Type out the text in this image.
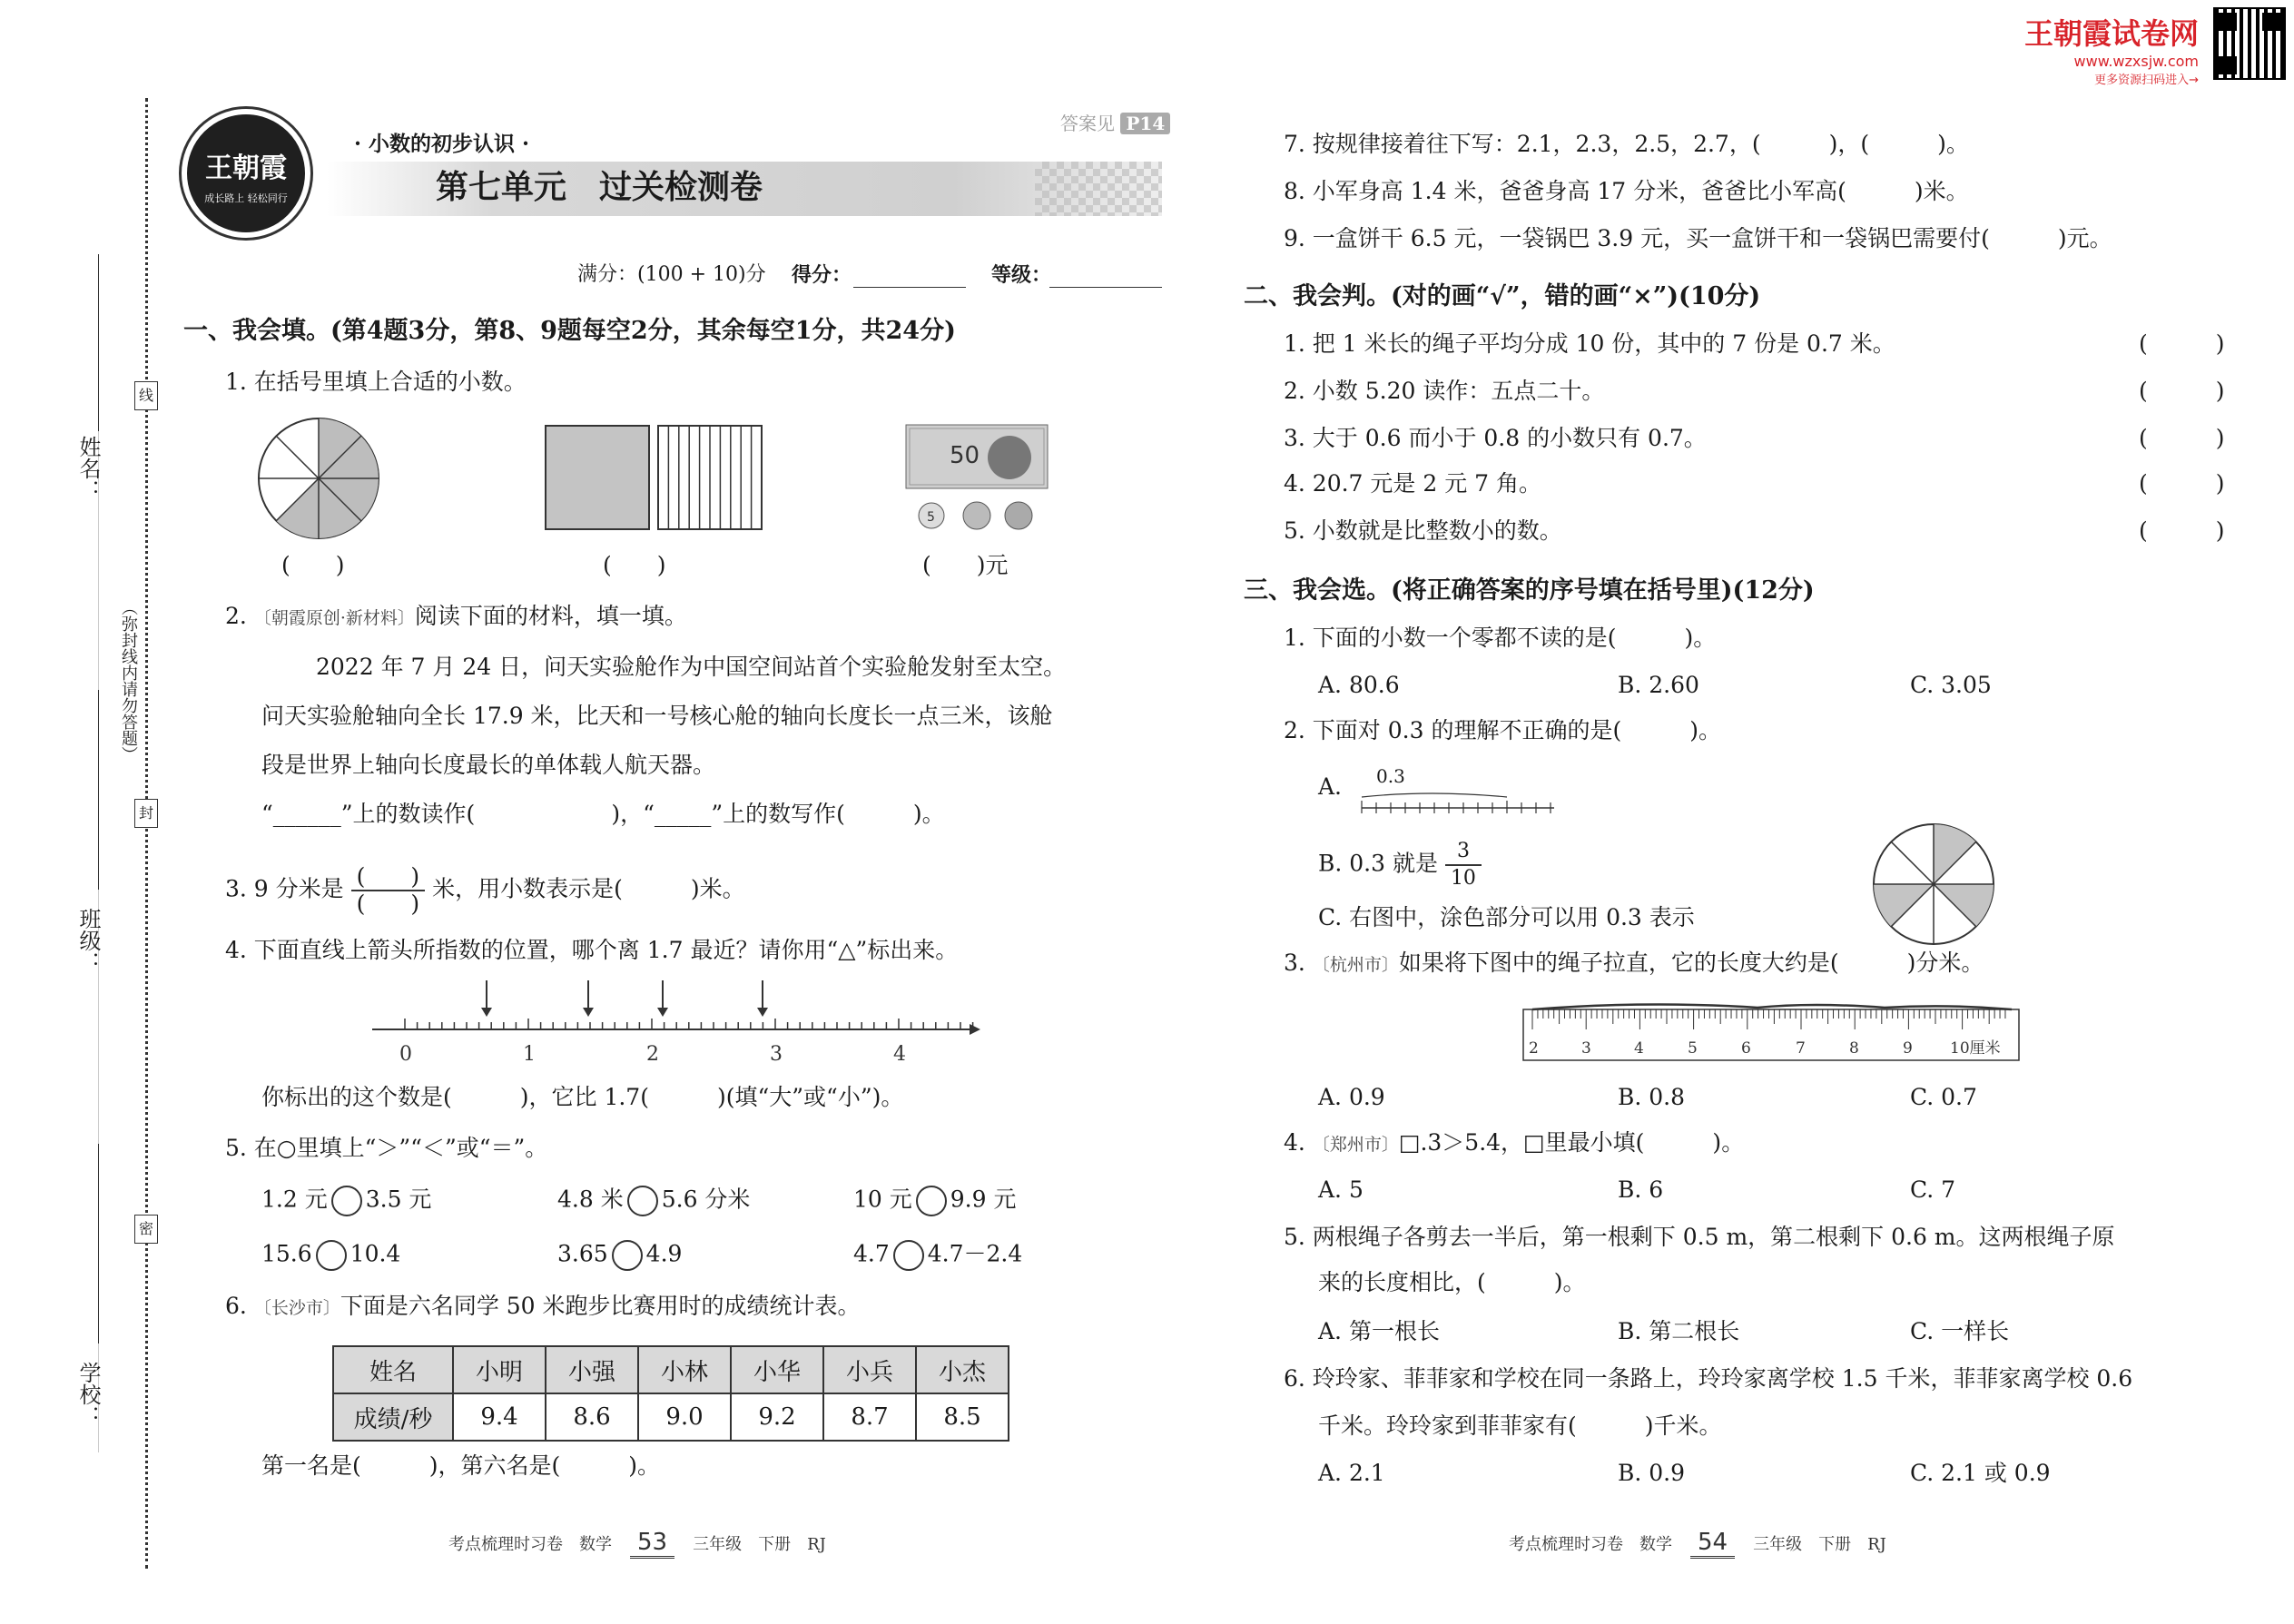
王朝霞试卷网
www.wzxsjw.com
更多资源扫码进入→
姓名：
班级：
学校：
（弥封线内请勿答题）
线
封
密
王朝霞
成长路上 轻松同行
· 小数的初步认识 ·
答案见 P14
第七单元　过关检测卷
满分：(100 + 10)分 得分：	等级：
一、我会填。(第4题3分，第8、9题每空2分，其余每空1分，共24分)
1. 在括号里填上合适的小数。
50
5
(　　)	(　　)	(　　)元
2. 〔朝霞原创·新材料〕阅读下面的材料，填一填。
2022 年 7 月 24 日，问天实验舱作为中国空间站首个实验舱发射至太空。
问天实验舱轴向全长 17.9 米，比天和一号核心舱的轴向长度长一点三米，该舱
段是世界上轴向长度最长的单体载人航天器。
“______”上的数读作(　　　　　　)，“_____”上的数写作(　　　)。
3. 9 分米是 $\frac{( )}{( )}$ 米，用小数表示是(　　　)米。
4. 下面直线上箭头所指数的位置，哪个离 1.7 最近？请你用“△”标出来。
0	1	2	3	4
你标出的这个数是(　　　)，它比 1.7(　　　)(填“大”或“小”)。
5. 在○里填上“＞”“＜”或“＝”。
1.2 元 3.5 元	4.8 米 5.6 分米	10 元 9.9 元
15.6 10.4	3.65 4.9	4.7 4.7－2.4
6. 〔长沙市〕下面是六名同学 50 米跑步比赛用时的成绩统计表。
姓名	小明	小强	小林	小华	小兵	小杰
成绩/秒	9.4	8.6	9.0	9.2	8.7	8.5
第一名是(　　　)，第六名是(　　　)。
考点梳理时习卷　数学 53 三年级　下册　RJ
7. 按规律接着往下写：2.1，2.3，2.5，2.7，(　　　)，(　　　)。
8. 小军身高 1.4 米，爸爸身高 17 分米，爸爸比小军高(　　　)米。
9. 一盒饼干 6.5 元，一袋锅巴 3.9 元，买一盒饼干和一袋锅巴需要付(　　　)元。
二、我会判。(对的画“√”，错的画“×”)(10分)
1. 把 1 米长的绳子平均分成 10 份，其中的 7 份是 0.7 米。	(　　　)
2. 小数 5.20 读作：五点二十。	(　　　)
3. 大于 0.6 而小于 0.8 的小数只有 0.7。	(　　　)
4. 20.7 元是 2 元 7 角。	(　　　)
5. 小数就是比整数小的数。	(　　　)
三、我会选。(将正确答案的序号填在括号里)(12分)
1. 下面的小数一个零都不读的是(　　　)。
A. 80.6	B. 2.60	C. 3.05
2. 下面对 0.3 的理解不正确的是(　　　)。
A. 0.3
B. 0.3 就是 $\frac{3}{10}$
C. 右图中，涂色部分可以用 0.3 表示
3. 〔杭州市〕如果将下图中的绳子拉直，它的长度大约是(　　　)分米。
2	3	4	5	6	7	8	9 10厘米
A. 0.9	B. 0.8	C. 0.7
4. 〔郑州市〕□.3＞5.4，□里最小填(　　　)。
A. 5	B. 6	C. 7
5. 两根绳子各剪去一半后，第一根剩下 0.5 m，第二根剩下 0.6 m。这两根绳子原
来的长度相比，(　　　)。
A. 第一根长	B. 第二根长	C. 一样长
6. 玲玲家、菲菲家和学校在同一条路上，玲玲家离学校 1.5 千米，菲菲家离学校 0.6
千米。玲玲家到菲菲家有(　　　)千米。
A. 2.1	B. 0.9	C. 2.1 或 0.9
考点梳理时习卷　数学 54 三年级　下册　RJ
